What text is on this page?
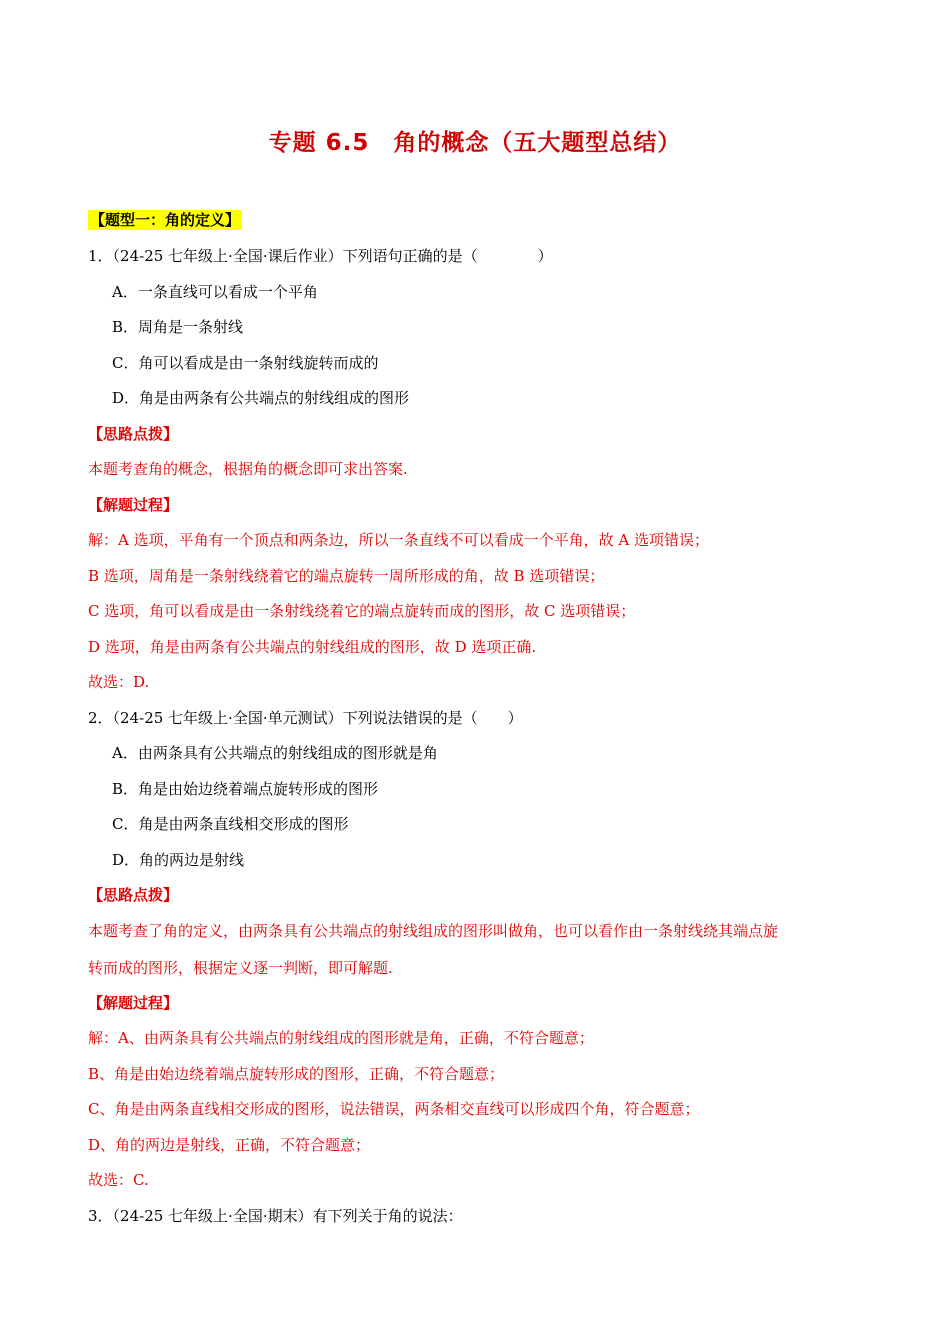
专题 6.5　角的概念（五大题型总结）
【题型一：角的定义】
1．（24-25 七年级上·全国·课后作业）下列语句正确的是（　　　　）
A．一条直线可以看成一个平角
B．周角是一条射线
C．角可以看成是由一条射线旋转而成的
D．角是由两条有公共端点的射线组成的图形
【思路点拨】
本题考查角的概念，根据角的概念即可求出答案.
【解题过程】
解：A 选项，平角有一个顶点和两条边，所以一条直线不可以看成一个平角，故 A 选项错误；
B 选项，周角是一条射线绕着它的端点旋转一周所形成的角，故 B 选项错误；
C 选项，角可以看成是由一条射线绕着它的端点旋转而成的图形，故 C 选项错误；
D 选项，角是由两条有公共端点的射线组成的图形，故 D 选项正确.
故选：D.
2．（24-25 七年级上·全国·单元测试）下列说法错误的是（　　）
A．由两条具有公共端点的射线组成的图形就是角
B．角是由始边绕着端点旋转形成的图形
C．角是由两条直线相交形成的图形
D．角的两边是射线
【思路点拨】
本题考查了角的定义，由两条具有公共端点的射线组成的图形叫做角，也可以看作由一条射线绕其端点旋
转而成的图形，根据定义逐一判断，即可解题.
【解题过程】
解：A、由两条具有公共端点的射线组成的图形就是角，正确，不符合题意；
B、角是由始边绕着端点旋转形成的图形，正确，不符合题意；
C、角是由两条直线相交形成的图形，说法错误，两条相交直线可以形成四个角，符合题意；
D、角的两边是射线，正确，不符合题意；
故选：C.
3．（24-25 七年级上·全国·期末）有下列关于角的说法：
